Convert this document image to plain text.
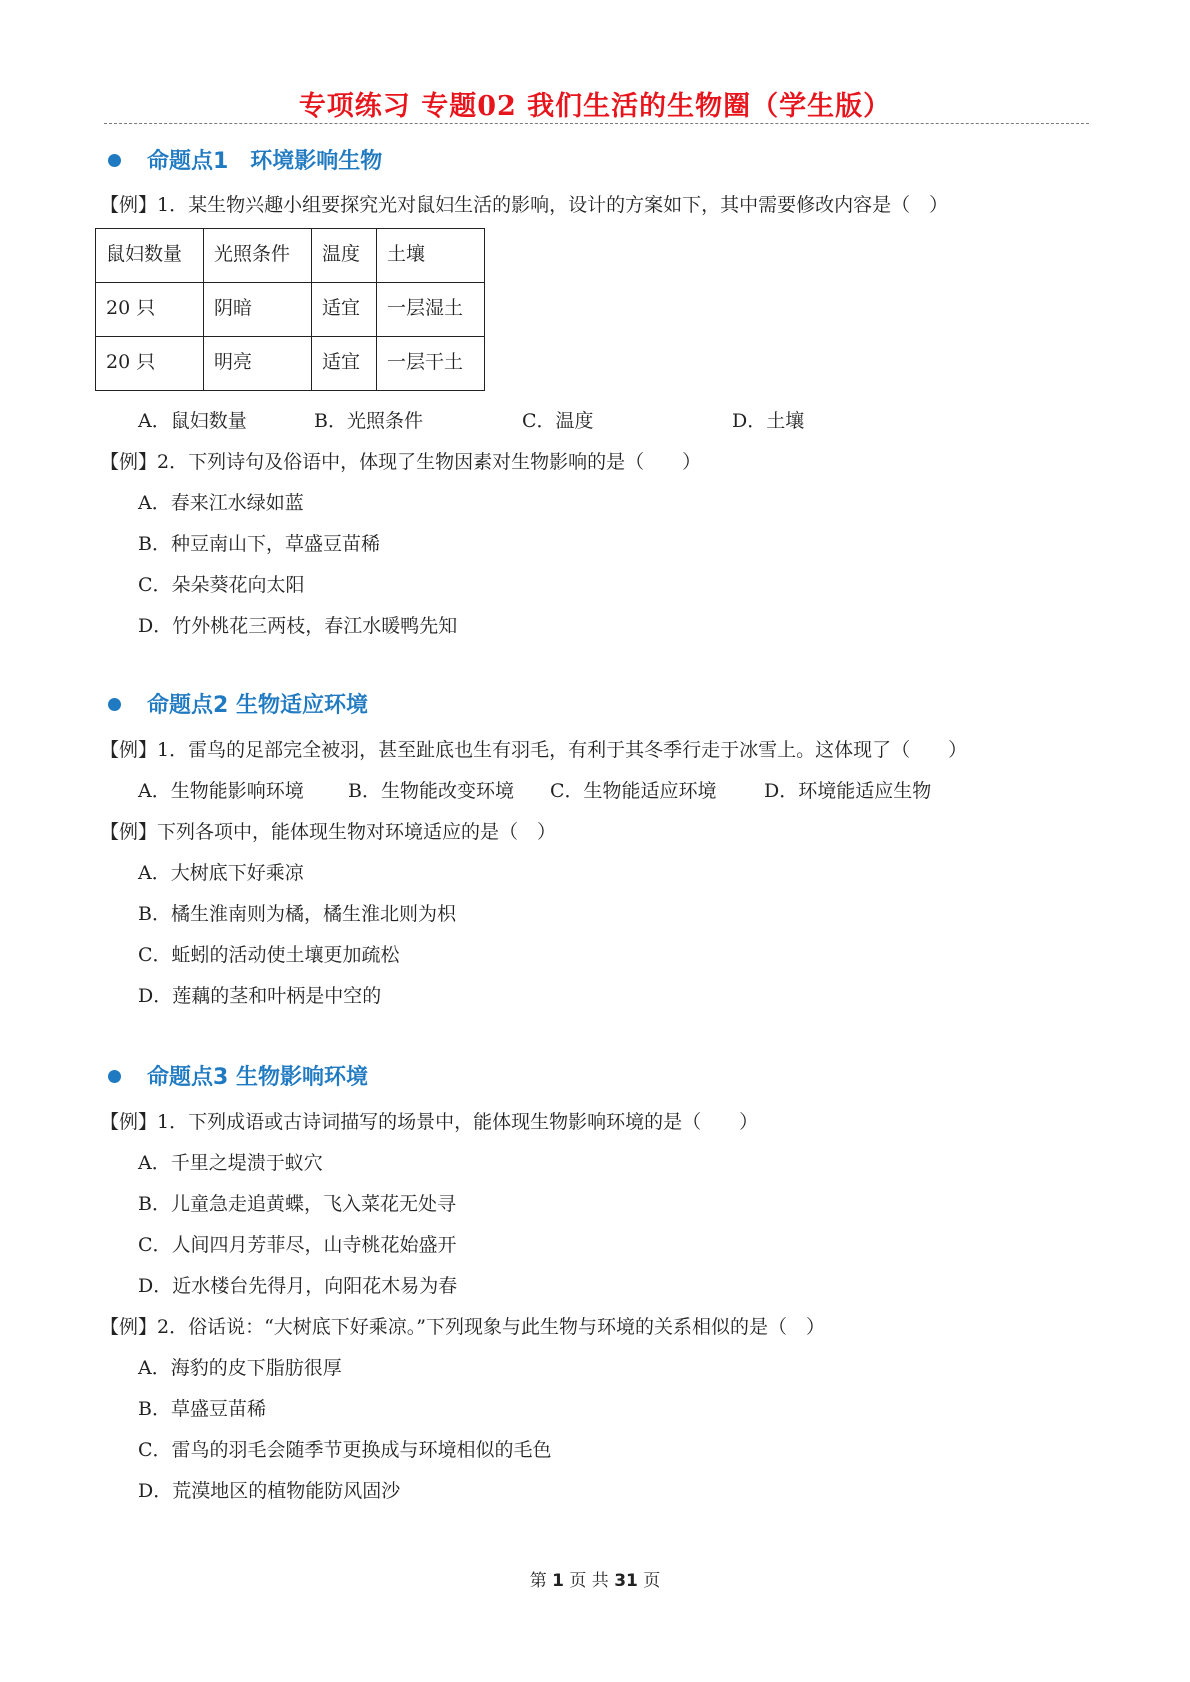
专项练习 专题02 我们生活的生物圈（学生版）
命题点1　环境影响生物
【例】1．某生物兴趣小组要探究光对鼠妇生活的影响，设计的方案如下，其中需要修改内容是（　）
鼠妇数量	光照条件	温度	土壤
20 只	阴暗	适宜	一层湿土
20 只	明亮	适宜	一层干土
A．鼠妇数量	B．光照条件	C．温度	D．土壤
【例】2．下列诗句及俗语中，体现了生物因素对生物影响的是（　　）
A．春来江水绿如蓝
B．种豆南山下，草盛豆苗稀
C．朵朵葵花向太阳
D．竹外桃花三两枝，春江水暖鸭先知
命题点2 生物适应环境
【例】1．雷鸟的足部完全被羽，甚至趾底也生有羽毛，有利于其冬季行走于冰雪上。这体现了（　　）
A．生物能影响环境 B．生物能改变环境 C．生物能适应环境 D．环境能适应生物
【例】下列各项中，能体现生物对环境适应的是（　）
A．大树底下好乘凉
B．橘生淮南则为橘，橘生淮北则为枳
C．蚯蚓的活动使土壤更加疏松
D．莲藕的茎和叶柄是中空的
命题点3 生物影响环境
【例】1．下列成语或古诗词描写的场景中，能体现生物影响环境的是（　　）
A．千里之堤溃于蚁穴
B．儿童急走追黄蝶，飞入菜花无处寻
C．人间四月芳菲尽，山寺桃花始盛开
D．近水楼台先得月，向阳花木易为春
【例】2．俗话说：“大树底下好乘凉。”下列现象与此生物与环境的关系相似的是（　）
A．海豹的皮下脂肪很厚
B．草盛豆苗稀
C．雷鸟的羽毛会随季节更换成与环境相似的毛色
D．荒漠地区的植物能防风固沙
第 1 页 共 31 页
